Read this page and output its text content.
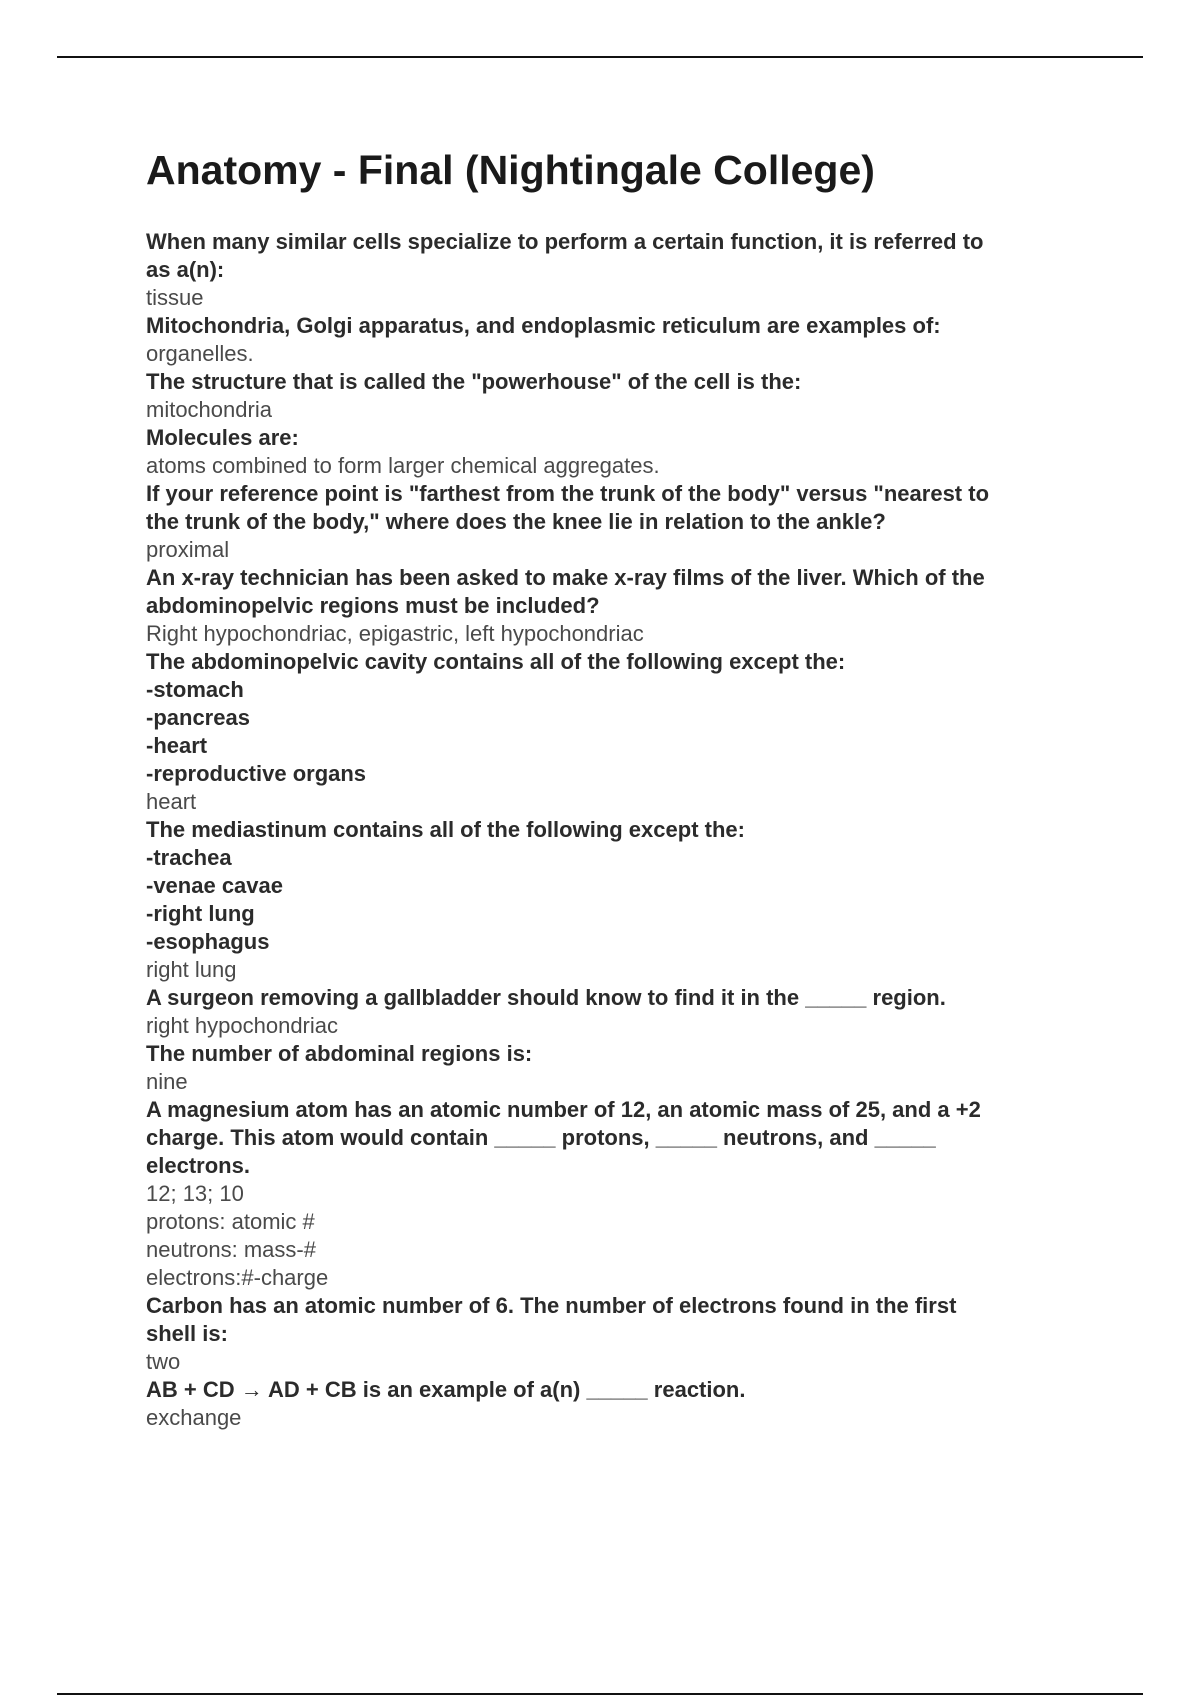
Anatomy - Final (Nightingale College)
When many similar cells specialize to perform a certain function, it is referred to
as a(n):
tissue
Mitochondria, Golgi apparatus, and endoplasmic reticulum are examples of:
organelles.
The structure that is called the "powerhouse" of the cell is the:
mitochondria
Molecules are:
atoms combined to form larger chemical aggregates.
If your reference point is "farthest from the trunk of the body" versus "nearest to
the trunk of the body," where does the knee lie in relation to the ankle?
proximal
An x-ray technician has been asked to make x-ray films of the liver. Which of the
abdominopelvic regions must be included?
Right hypochondriac, epigastric, left hypochondriac
The abdominopelvic cavity contains all of the following except the:
-stomach
-pancreas
-heart
-reproductive organs
heart
The mediastinum contains all of the following except the:
-trachea
-venae cavae
-right lung
-esophagus
right lung
A surgeon removing a gallbladder should know to find it in the _____ region.
right hypochondriac
The number of abdominal regions is:
nine
A magnesium atom has an atomic number of 12, an atomic mass of 25, and a +2
charge. This atom would contain _____ protons, _____ neutrons, and _____
electrons.
12; 13; 10
protons: atomic #
neutrons: mass-#
electrons:#-charge
Carbon has an atomic number of 6. The number of electrons found in the first
shell is:
two
AB + CD → AD + CB is an example of a(n) _____ reaction.
exchange
